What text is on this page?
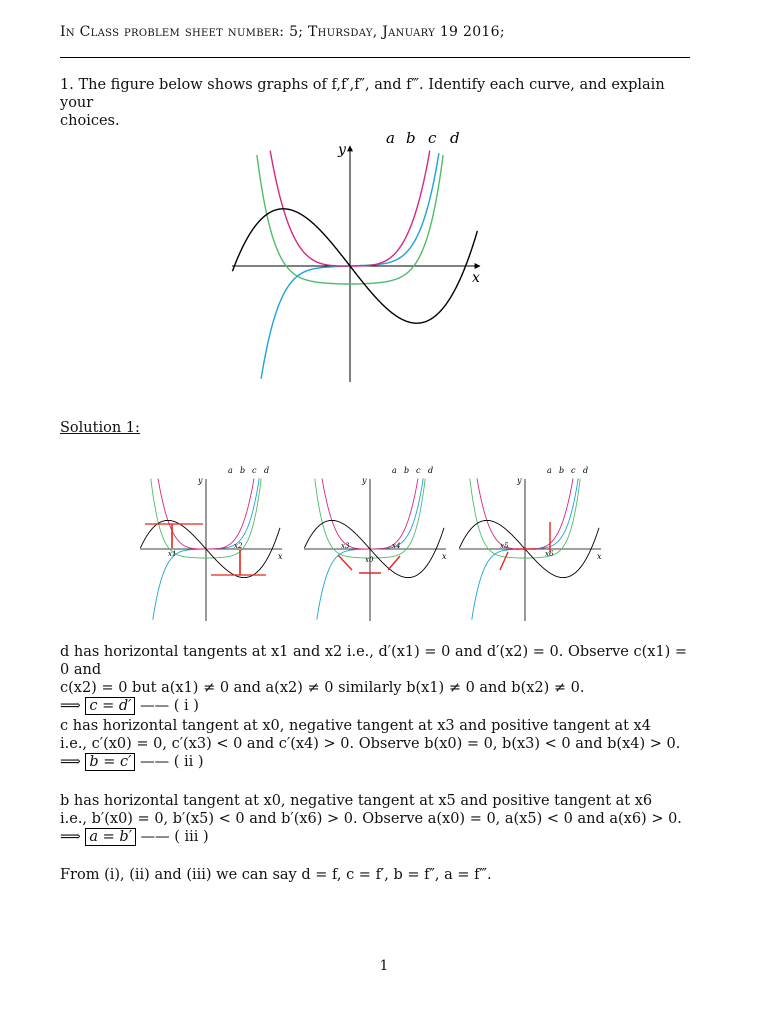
In Class problem sheet number: 5; Thursday, January 19 2016;
1. The figure below shows graphs of f,f′,f″, and f‴. Identify each curve, and explain your
choices.
x
y
a b c d
Solution 1:
x
y
a b c d
x1
x2
x
y
a b c d
x3
x0
x4
x
y
a b c d
x5
x6
d has horizontal tangents at x1 and x2 i.e., d′(x1) = 0 and d′(x2) = 0. Observe c(x1) = 0 and
c(x2) = 0 but a(x1) ≠ 0 and a(x2) ≠ 0 similarly b(x1) ≠ 0 and b(x2) ≠ 0.
⟹ c = d′ —— ( i )
c has horizontal tangent at x0, negative tangent at x3 and positive tangent at x4
i.e., c′(x0) = 0, c′(x3) < 0 and c′(x4) > 0. Observe b(x0) = 0, b(x3) < 0 and b(x4) > 0.
⟹ b = c′ —— ( ii )
b has horizontal tangent at x0, negative tangent at x5 and positive tangent at x6
i.e., b′(x0) = 0, b′(x5) < 0 and b′(x6) > 0. Observe a(x0) = 0, a(x5) < 0 and a(x6) > 0.
⟹ a = b′ —— ( iii )
From (i), (ii) and (iii) we can say d = f, c = f′, b = f″, a = f‴.
1
